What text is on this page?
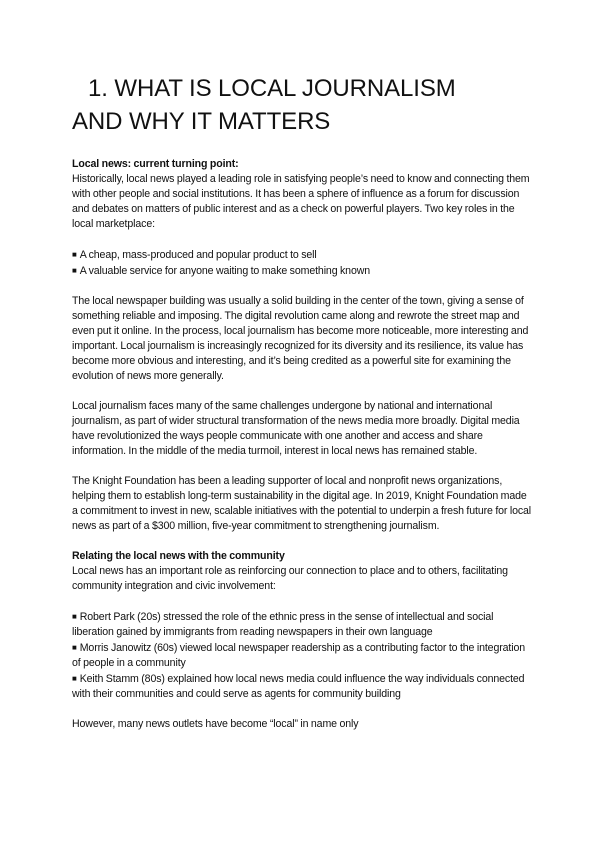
1. WHAT IS LOCAL JOURNALISM
AND WHY IT MATTERS
Local news: current turning point:
Historically, local news played a leading role in satisfying people’s need to know and connecting them with other people and social institutions. It has been a sphere of influence as a forum for discussion and debates on matters of public interest and as a check on powerful players. Two key roles in the local marketplace:
■ A cheap, mass-produced and popular product to sell
■ A valuable service for anyone waiting to make something known

The local newspaper building was usually a solid building in the center of the town, giving a sense of something reliable and imposing. The digital revolution came along and rewrote the street map and even put it online. In the process, local journalism has become more noticeable, more interesting and important. Local journalism is increasingly recognized for its diversity and its resilience, its value has become more obvious and interesting, and it’s being credited as a powerful site for examining the evolution of news more generally.

Local journalism faces many of the same challenges undergone by national and international journalism, as part of wider structural transformation of the news media more broadly. Digital media have revolutionized the ways people communicate with one another and access and share information. In the middle of the media turmoil, interest in local news has remained stable.

The Knight Foundation has been a leading supporter of local and nonprofit news organizations, helping them to establish long-term sustainability in the digital age. In 2019, Knight Foundation made a commitment to invest in new, scalable initiatives with the potential to underpin a fresh future for local news as part of a $300 million, five-year commitment to strengthening journalism.

Relating the local news with the community
Local news has an important role as reinforcing our connection to place and to others, facilitating community integration and civic involvement:
■ Robert Park (20s) stressed the role of the ethnic press in the sense of intellectual and social liberation gained by immigrants from reading newspapers in their own language
■ Morris Janowitz (60s) viewed local newspaper readership as a contributing factor to the integration of people in a community
■ Keith Stamm (80s) explained how local news media could influence the way individuals connected with their communities and could serve as agents for community building

However, many news outlets have become “local” in name only
